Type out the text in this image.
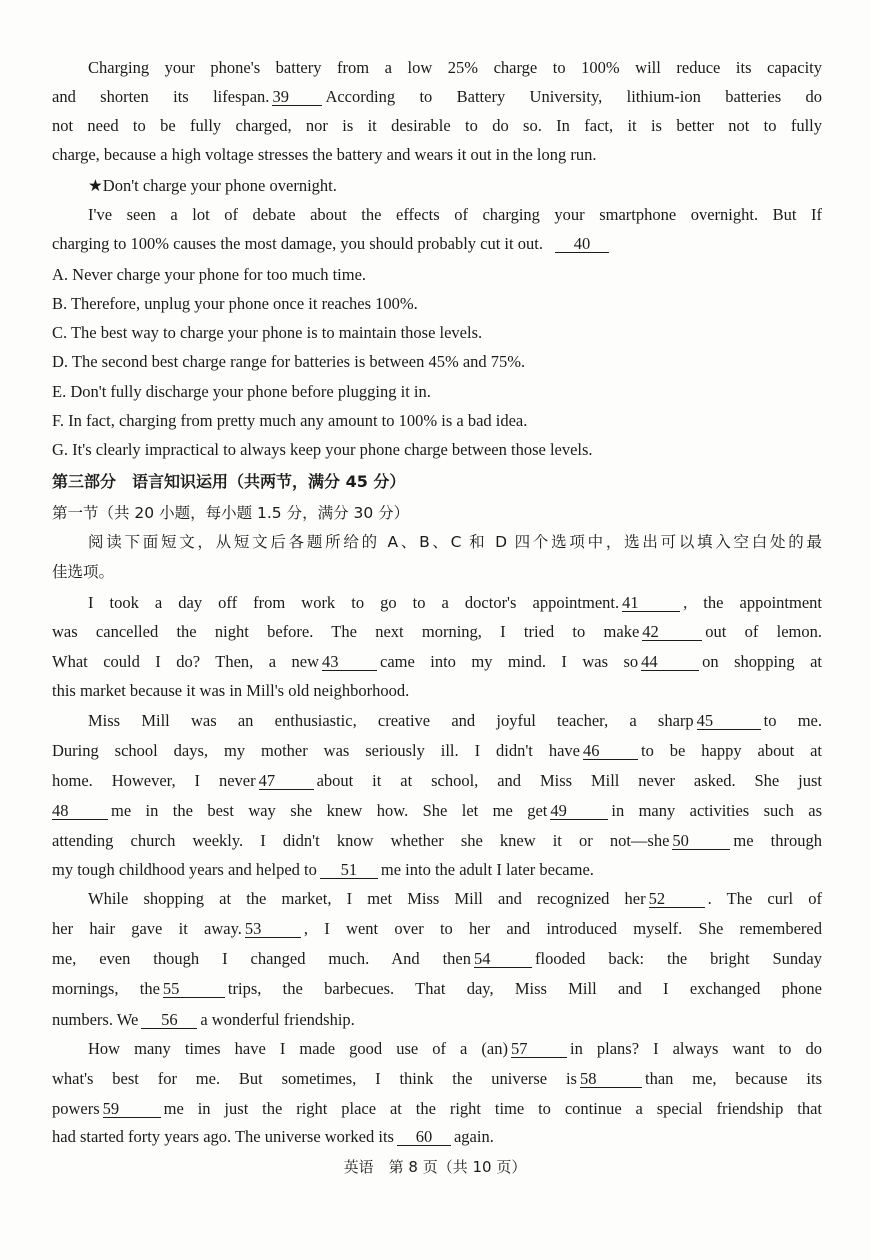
Charging your phone's battery from a low 25% charge to 100% will reduce its capacity
and shorten its lifespan. 39 According to Battery University, lithium-ion batteries do
not need to be fully charged, nor is it desirable to do so. In fact, it is better not to fully
charge, because a high voltage stresses the battery and wears it out in the long run.
★Don't charge your phone overnight.
I've seen a lot of debate about the effects of charging your smartphone overnight. But If
charging to 100% causes the most damage, you should probably cut it out. 40
A. Never charge your phone for too much time.
B. Therefore, unplug your phone once it reaches 100%.
C. The best way to charge your phone is to maintain those levels.
D. The second best charge range for batteries is between 45% and 75%.
E. Don't fully discharge your phone before plugging it in.
F. In fact, charging from pretty much any amount to 100% is a bad idea.
G. It's clearly impractical to always keep your phone charge between those levels.
第三部分　语言知识运用（共两节，满分 45 分）
第一节（共 20 小题，每小题 1.5 分，满分 30 分）
阅读下面短文，从短文后各题所给的 A、B、C 和 D 四个选项中，选出可以填入空白处的最
佳选项。
I took a day off from work to go to a doctor's appointment. 41	, the appointment
was cancelled the night before. The next morning, I tried to make 42	out of lemon.
What could I do? Then, a new 43	came into my mind. I was so 44	on shopping at
this market because it was in Mill's old neighborhood.
Miss Mill was an enthusiastic, creative and joyful teacher, a sharp 45	to me.
During school days, my mother was seriously ill. I didn't have 46	to be happy about at
home. However, I never 47	about it at school, and Miss Mill never asked. She just
48	me in the best way she knew how. She let me get 49	in many activities such as
attending church weekly. I didn't know whether she knew it or not—she 50	me through
my tough childhood years and helped to 51 me into the adult I later became.
While shopping at the market, I met Miss Mill and recognized her 52	. The curl of
her hair gave it away. 53	, I went over to her and introduced myself. She remembered
me, even though I changed much. And then 54	flooded back: the bright Sunday
mornings, the 55	trips, the barbecues. That day, Miss Mill and I exchanged phone
numbers. We 56 a wonderful friendship.
How many times have I made good use of a (an) 57	in plans? I always want to do
what's best for me. But sometimes, I think the universe is 58	than me, because its
powers 59	me in just the right place at the right time to continue a special friendship that
had started forty years ago. The universe worked its 60 again.
英语　第 8 页（共 10 页）
